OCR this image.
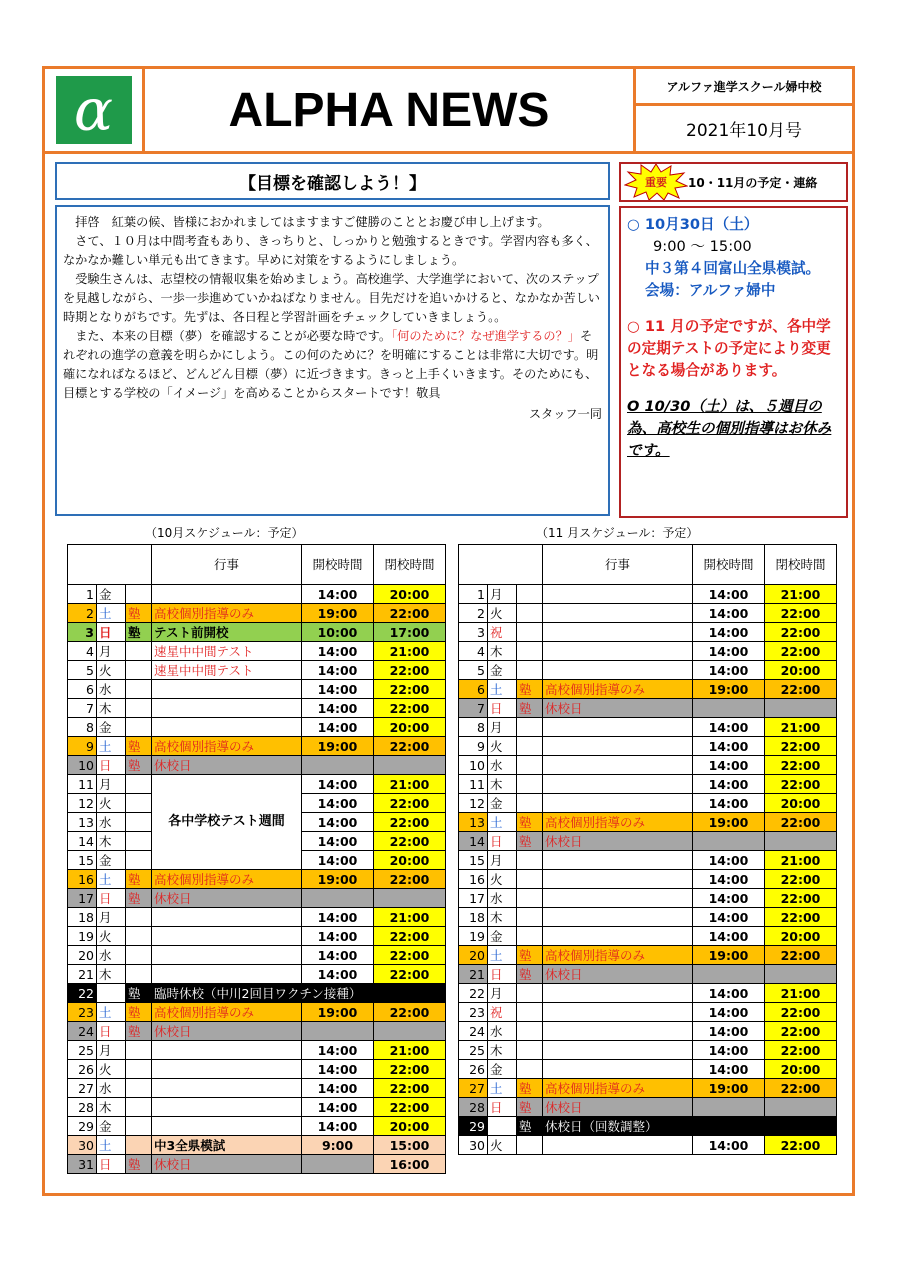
α	ALPHA NEWS	アルファ進学スクール婦中校
2021年10月号
【目標を確認しよう！】

拝啓　紅葉の候、皆様におかれましてはますますご健勝のこととお慶び申し上げます。

さて、１０月は中間考査もあり、きっちりと、しっかりと勉強するときです。学習内容も多く、なかなか難しい単元も出てきます。早めに対策をするようにしましょう。

受験生さんは、志望校の情報収集を始めましょう。高校進学、大学進学において、次のステップを見越しながら、一歩一歩進めていかねばなりません。目先だけを追いかけると、なかなか苦しい時期となりがちです。先ずは、各日程と学習計画をチェックしていきましょう。。

また、本来の目標（夢）を確認することが必要な時です。「何のために？なぜ進学するの？」それぞれの進学の意義を明らかにしよう。この何のために？を明確にすることは非常に大切です。明確になればなるほど、どんどん目標（夢）に近づきます。きっと上手くいきます。そのためにも、目標とする学校の「イメージ」を高めることからスタートです！敬具

スタッフ一同
重要 10・11月の予定・連絡
○ 10月30日（土）
9:00 ～ 15:00
中３第４回富山全県模試。
会場：アルファ婦中
○ 11 月の予定ですが、各中学の定期テストの予定により変更となる場合があります。
O 10/30（土）は、５週目の為、高校生の個別指導はお休みです。
（10月スケジュール：予定）	（11 月スケジュール：予定）
			行事	開校時間	閉校時間
1	金			14:00	20:00
2	土	塾	高校個別指導のみ	19:00	22:00
3	日	塾	テスト前開校	10:00	17:00
4	月		速星中中間テスト	14:00	21:00
5	火		速星中中間テスト	14:00	22:00
6	水			14:00	22:00
7	木			14:00	22:00
8	金			14:00	20:00
9	土	塾	高校個別指導のみ	19:00	22:00
10	日	塾	休校日		
11	月		各中学校テスト週間	14:00	21:00
12	火			14:00	22:00
13	水			14:00	22:00
14	木			14:00	22:00
15	金			14:00	20:00
16	土	塾	高校個別指導のみ	19:00	22:00
17	日	塾	休校日		
18	月			14:00	21:00
19	火			14:00	22:00
20	水			14:00	22:00
21	木			14:00	22:00
22	金	塾	臨時休校（中川2回目ワクチン接種）		
23	土	塾	高校個別指導のみ	19:00	22:00
24	日	塾	休校日		
25	月			14:00	21:00
26	火			14:00	22:00
27	水			14:00	22:00
28	木			14:00	22:00
29	金			14:00	20:00
30	土		中3全県模試	9:00	15:00
31	日	塾	休校日		16:00
			行事	開校時間	閉校時間
1	月			14:00	21:00
2	火			14:00	22:00
3	祝			14:00	22:00
4	木			14:00	22:00
5	金			14:00	20:00
6	土	塾	高校個別指導のみ	19:00	22:00
7	日	塾	休校日		
8	月			14:00	21:00
9	火			14:00	22:00
10	水			14:00	22:00
11	木			14:00	22:00
12	金			14:00	20:00
13	土	塾	高校個別指導のみ	19:00	22:00
14	日	塾	休校日		
15	月			14:00	21:00
16	火			14:00	22:00
17	水			14:00	22:00
18	木			14:00	22:00
19	金			14:00	20:00
20	土	塾	高校個別指導のみ	19:00	22:00
21	日	塾	休校日		
22	月			14:00	21:00
23	祝			14:00	22:00
24	水			14:00	22:00
25	木			14:00	22:00
26	金			14:00	20:00
27	土	塾	高校個別指導のみ	19:00	22:00
28	日	塾	休校日		
29	月	塾	休校日（回数調整）		
30	火			14:00	22:00
